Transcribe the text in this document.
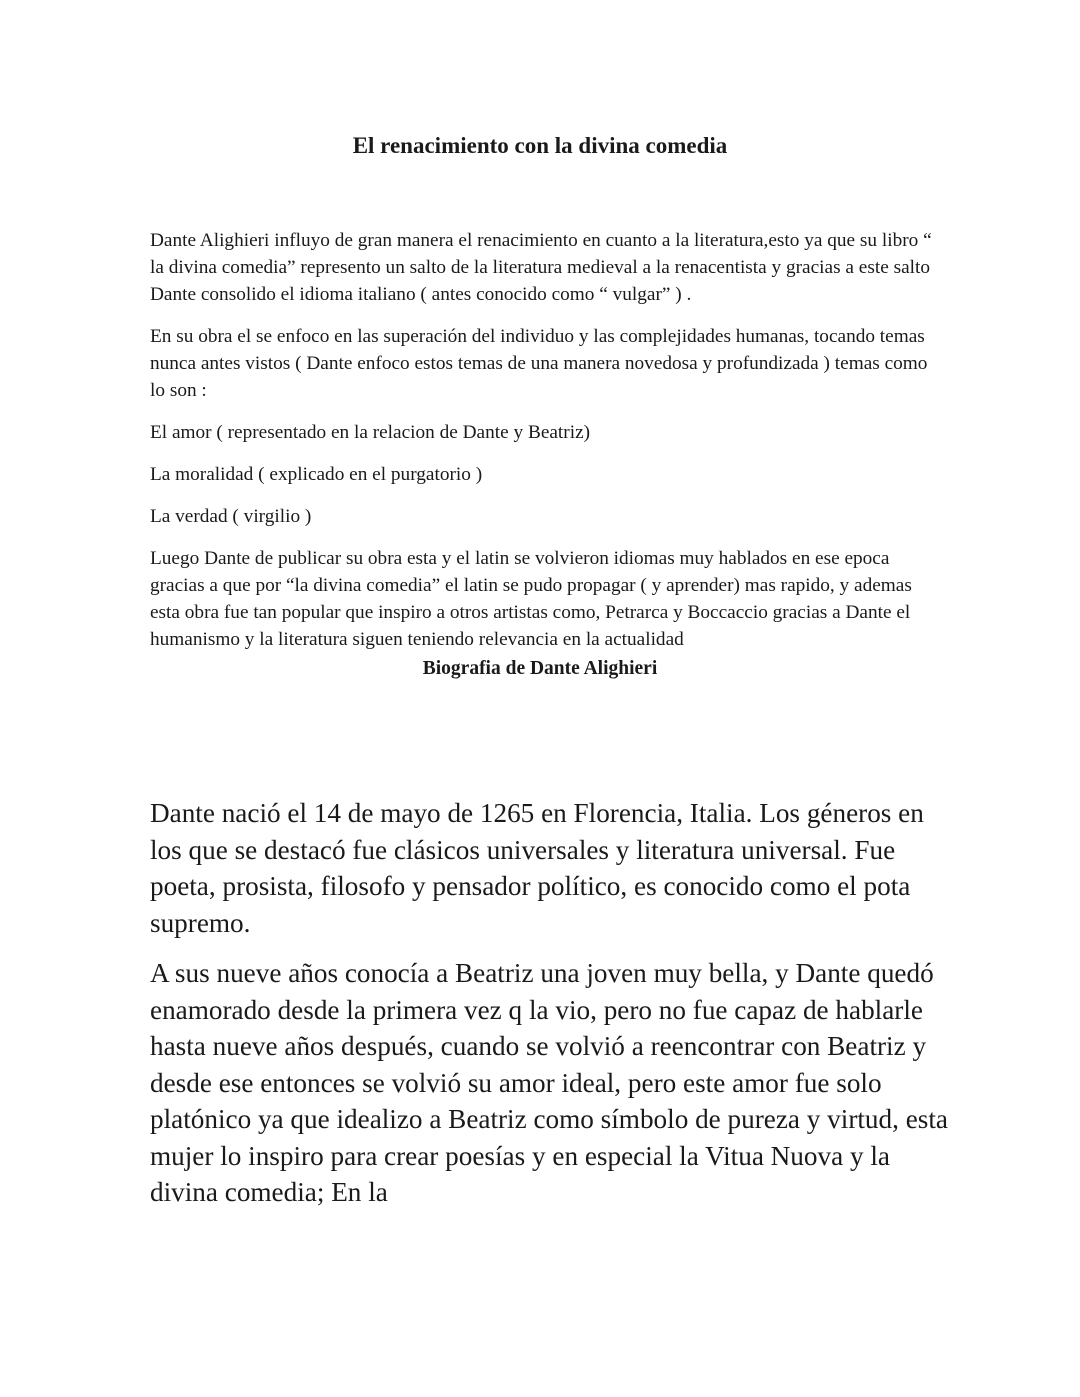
El renacimiento con la divina comedia

Dante Alighieri influyo de gran manera el renacimiento en cuanto a la literatura,esto ya que su libro “ la divina comedia” represento un salto de la literatura medieval a la renacentista y gracias a este salto Dante consolido el idioma italiano ( antes conocido como “ vulgar” ) .

En su obra el se enfoco en las superación del individuo y las complejidades humanas, tocando temas nunca antes vistos ( Dante enfoco estos temas de una manera novedosa y profundizada ) temas como lo son :

El amor ( representado en la relacion de Dante y Beatriz)

La moralidad ( explicado en el purgatorio )

La verdad ( virgilio )

Luego Dante de publicar su obra esta y el latin se volvieron idiomas muy hablados en ese epoca gracias a que por “la divina comedia” el latin se pudo propagar ( y aprender) mas rapido, y ademas esta obra fue tan popular que inspiro a otros artistas como, Petrarca y Boccaccio gracias a Dante el humanismo y la literatura siguen teniendo relevancia en la actualidad

Biografia de Dante Alighieri

Dante nació el 14 de mayo de 1265 en Florencia, Italia. Los géneros en los que se destacó fue clásicos universales y literatura universal. Fue poeta, prosista, filosofo y pensador político, es conocido como el pota supremo.

A sus nueve años conocía a Beatriz una joven muy bella, y Dante quedó enamorado desde la primera vez q la vio, pero no fue capaz de hablarle hasta nueve años después, cuando se volvió a reencontrar con Beatriz y desde ese entonces se volvió su amor ideal, pero este amor fue solo platónico ya que idealizo a Beatriz como símbolo de pureza y virtud, esta mujer lo inspiro para crear poesías y en especial la Vitua Nuova y la divina comedia; En la
